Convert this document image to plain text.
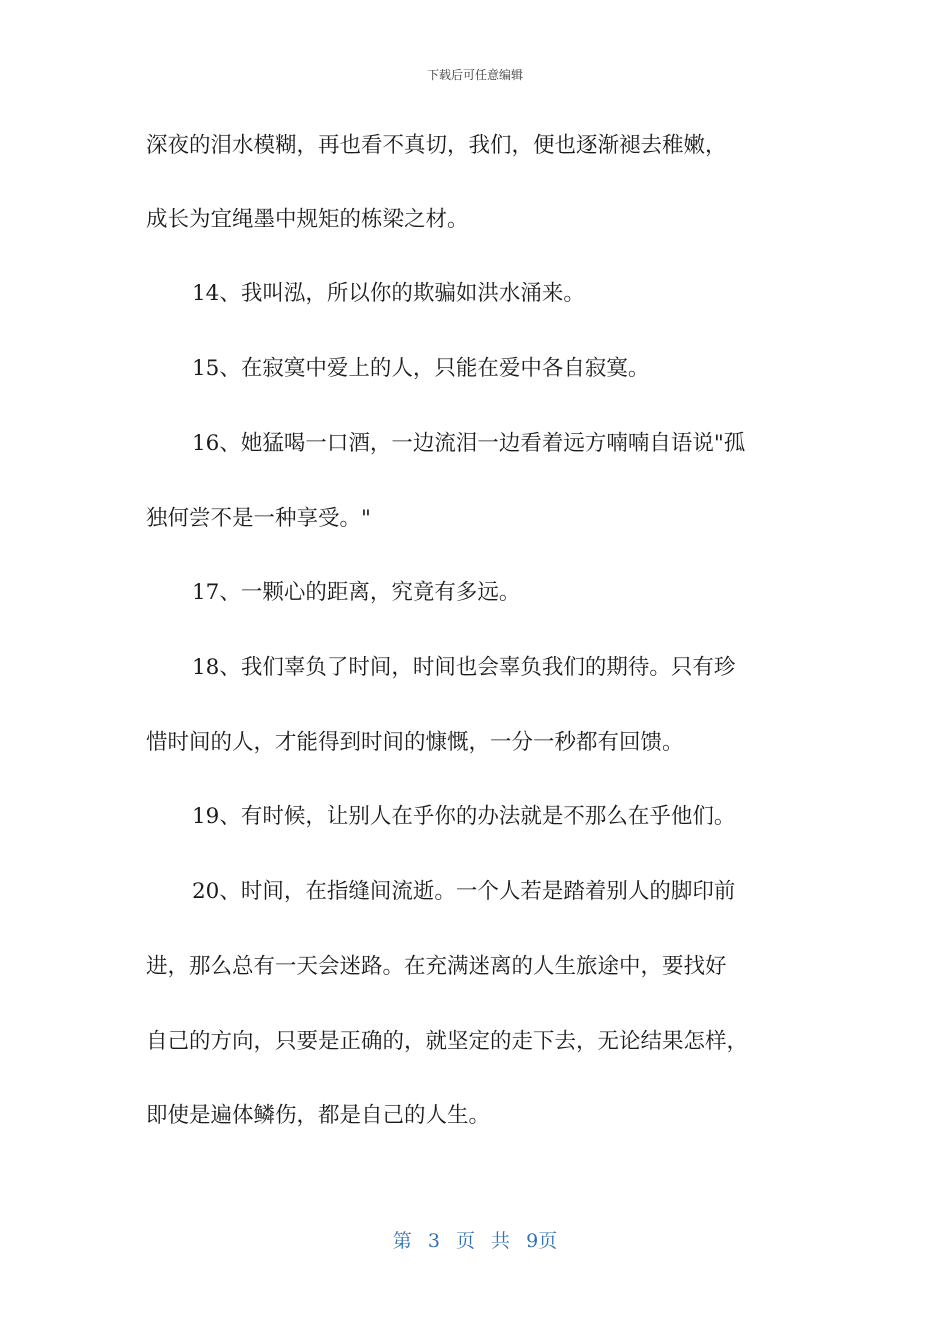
下载后可任意编辑
深夜的泪水模糊，再也看不真切，我们，便也逐渐褪去稚嫩，
成长为宜绳墨中规矩的栋梁之材。
14、我叫泓，所以你的欺骗如洪水涌来。
15、在寂寞中爱上的人，只能在爱中各自寂寞。
16、她猛喝一口酒，一边流泪一边看着远方喃喃自语说"孤
独何尝不是一种享受。"
17、一颗心的距离，究竟有多远。
18、我们辜负了时间，时间也会辜负我们的期待。只有珍
惜时间的人，才能得到时间的慷慨，一分一秒都有回馈。
19、有时候，让别人在乎你的办法就是不那么在乎他们。
20、时间，在指缝间流逝。一个人若是踏着别人的脚印前
进，那么总有一天会迷路。在充满迷离的人生旅途中，要找好
自己的方向，只要是正确的，就坚定的走下去，无论结果怎样，
即使是遍体鳞伤，都是自己的人生。
第 3 页 共 9页
